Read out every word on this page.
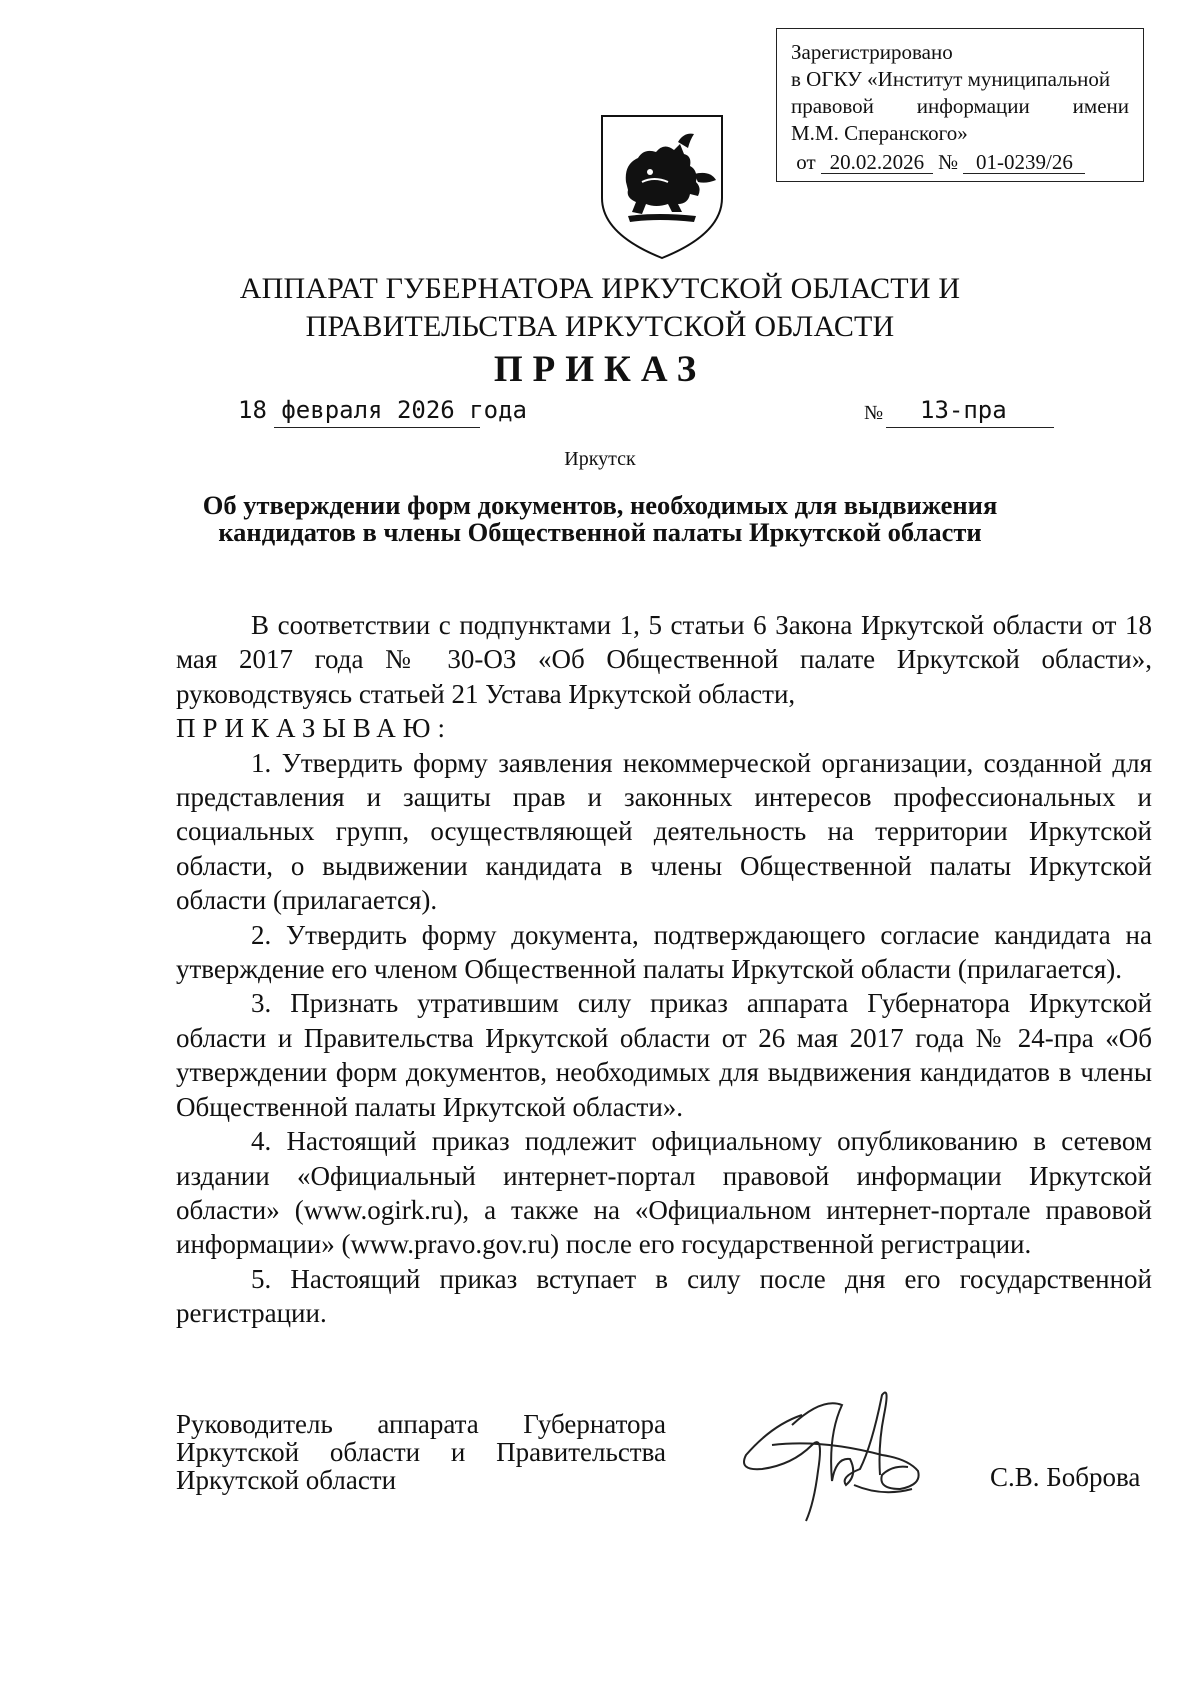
Зарегистрировано
в ОГКУ «Институт муниципальной
правовой информации имени
М.М. Сперанского»
от 20.02.2026 № 01-0239/26
АППАРАТ ГУБЕРНАТОРА ИРКУТСКОЙ ОБЛАСТИ И
ПРАВИТЕЛЬСТВА ИРКУТСКОЙ ОБЛАСТИ
ПРИКАЗ
18 февраля 2026 года	№ 13-пра
Иркутск
Об утверждении форм документов, необходимых для выдвижения
кандидатов в члены Общественной палаты Иркутской области

В соответствии с подпунктами 1, 5 статьи 6 Закона Иркутской области от 18 мая 2017 года № 30-ОЗ «Об Общественной палате Иркутской области», руководствуясь статьей 21 Устава Иркутской области,

ПРИКАЗЫВАЮ:

1. Утвердить форму заявления некоммерческой организации, созданной для представления и защиты прав и законных интересов профессиональных и социальных групп, осуществляющей деятельность на территории Иркутской области, о выдвижении кандидата в члены Общественной палаты Иркутской области (прилагается).

2. Утвердить форму документа, подтверждающего согласие кандидата на утверждение его членом Общественной палаты Иркутской области (прилагается).

3. Признать утратившим силу приказ аппарата Губернатора Иркутской области и Правительства Иркутской области от 26 мая 2017 года № 24-пра «Об утверждении форм документов, необходимых для выдвижения кандидатов в члены Общественной палаты Иркутской области».

4. Настоящий приказ подлежит официальному опубликованию в сетевом издании «Официальный интернет-портал правовой информации Иркутской области» (www.ogirk.ru), а также на «Официальном интернет-портале правовой информации» (www.pravo.gov.ru) после его государственной регистрации.

5. Настоящий приказ вступает в силу после дня его государственной регистрации.

Руководитель аппарата Губернатора
Иркутской области и Правительства
Иркутской области	С.В. Боброва
